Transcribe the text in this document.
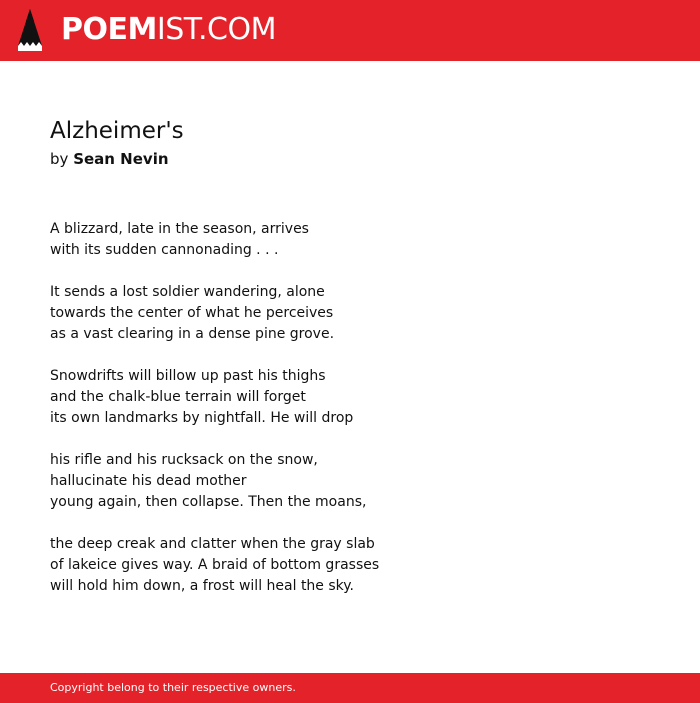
POEMIST.COM
Alzheimer's
by Sean Nevin
A blizzard, late in the season, arrives
with its sudden cannonading . . .
It sends a lost soldier wandering, alone
towards the center of what he perceives
as a vast clearing in a dense pine grove.
Snowdrifts will billow up past his thighs
and the chalk-blue terrain will forget
its own landmarks by nightfall. He will drop
his rifle and his rucksack on the snow,
hallucinate his dead mother
young again, then collapse. Then the moans,
the deep creak and clatter when the gray slab
of lakeice gives way. A braid of bottom grasses
will hold him down, a frost will heal the sky.
Copyright belong to their respective owners.
